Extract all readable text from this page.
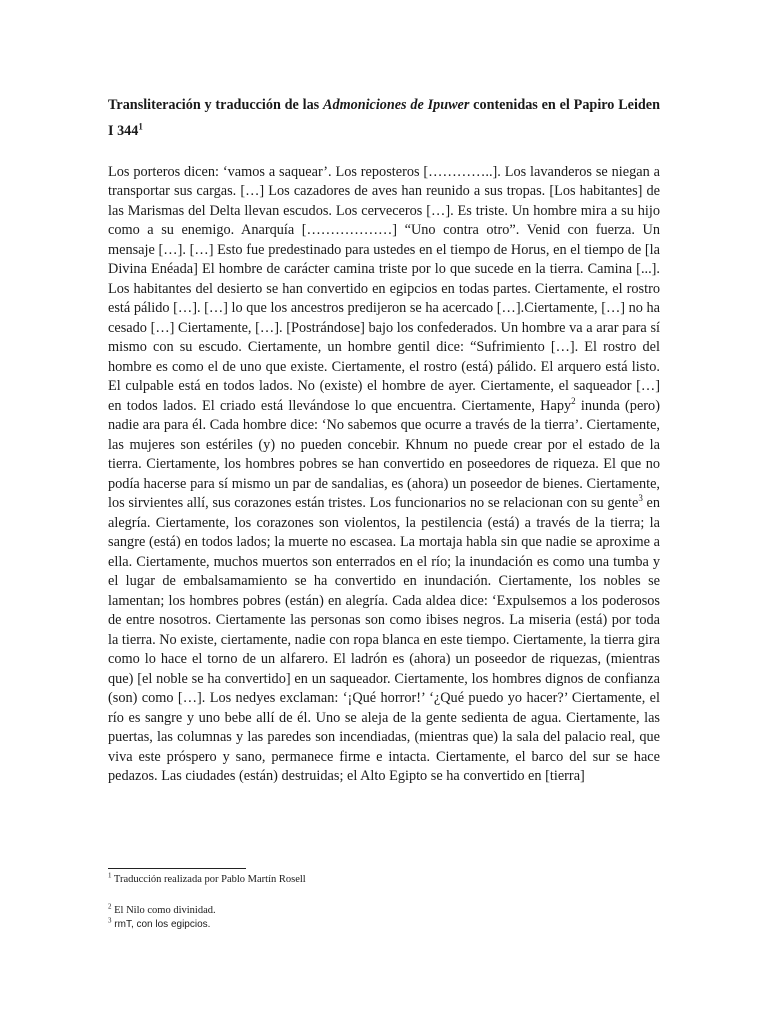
Transliteración y traducción de las Admoniciones de Ipuwer contenidas en el Papiro Leiden I $344^1$

Los porteros dicen: ‘vamos a saquear’. Los reposteros […………..]. Los lavanderos se niegan a transportar sus cargas. […] Los cazadores de aves han reunido a sus tropas. [Los habitantes] de las Marismas del Delta llevan escudos. Los cerveceros […]. Es triste. Un hombre mira a su hijo como a su enemigo. Anarquía [………………] “Uno contra otro”. Venid con fuerza. Un mensaje […]. […] Esto fue predestinado para ustedes en el tiempo de Horus, en el tiempo de [la Divina Enéada] El hombre de carácter camina triste por lo que sucede en la tierra. Camina [...]. Los habitantes del desierto se han convertido en egipcios en todas partes. Ciertamente, el rostro está pálido […]. […] lo que los ancestros predijeron se ha acercado […].Ciertamente, […] no ha cesado […] Ciertamente, […]. [Postrándose] bajo los confederados. Un hombre va a arar para sí mismo con su escudo. Ciertamente, un hombre gentil dice: “Sufrimiento […]. El rostro del hombre es como el de uno que existe. Ciertamente, el rostro (está) pálido. El arquero está listo. El culpable está en todos lados. No (existe) el hombre de ayer. Ciertamente, el saqueador […] en todos lados. El criado está llevándose lo que encuentra. Ciertamente, Hapy$^2$ inunda (pero) nadie ara para él. Cada hombre dice: ‘No sabemos que ocurre a través de la tierra’. Ciertamente, las mujeres son estériles (y) no pueden concebir. Khnum no puede crear por el estado de la tierra. Ciertamente, los hombres pobres se han convertido en poseedores de riqueza. El que no podía hacerse para sí mismo un par de sandalias, es (ahora) un poseedor de bienes. Ciertamente, los sirvientes allí, sus corazones están tristes. Los funcionarios no se relacionan con su gente$^3$ en alegría. Ciertamente, los corazones son violentos, la pestilencia (está) a través de la tierra; la sangre (está) en todos lados; la muerte no escasea. La mortaja habla sin que nadie se aproxime a ella. Ciertamente, muchos muertos son enterrados en el río; la inundación es como una tumba y el lugar de embalsamamiento se ha convertido en inundación. Ciertamente, los nobles se lamentan; los hombres pobres (están) en alegría. Cada aldea dice: ‘Expulsemos a los poderosos de entre nosotros. Ciertamente las personas son como ibises negros. La miseria (está) por toda la tierra. No existe, ciertamente, nadie con ropa blanca en este tiempo. Ciertamente, la tierra gira como lo hace el torno de un alfarero. El ladrón es (ahora) un poseedor de riquezas, (mientras que) [el noble se ha convertido] en un saqueador. Ciertamente, los hombres dignos de confianza (son) como […]. Los nedyes exclaman: ‘¡Qué horror!’ ‘¿Qué puedo yo hacer?’ Ciertamente, el río es sangre y uno bebe allí de él. Uno se aleja de la gente sedienta de agua. Ciertamente, las puertas, las columnas y las paredes son incendiadas, (mientras que) la sala del palacio real, que viva este próspero y sano, permanece firme e intacta. Ciertamente, el barco del sur se hace pedazos. Las ciudades (están) destruidas; el Alto Egipto se ha convertido en [tierra]

$^1$ Traducción realizada por Pablo Martín Rosell

$^2$ El Nilo como divinidad.

$^3$ rmT, con los egipcios.
